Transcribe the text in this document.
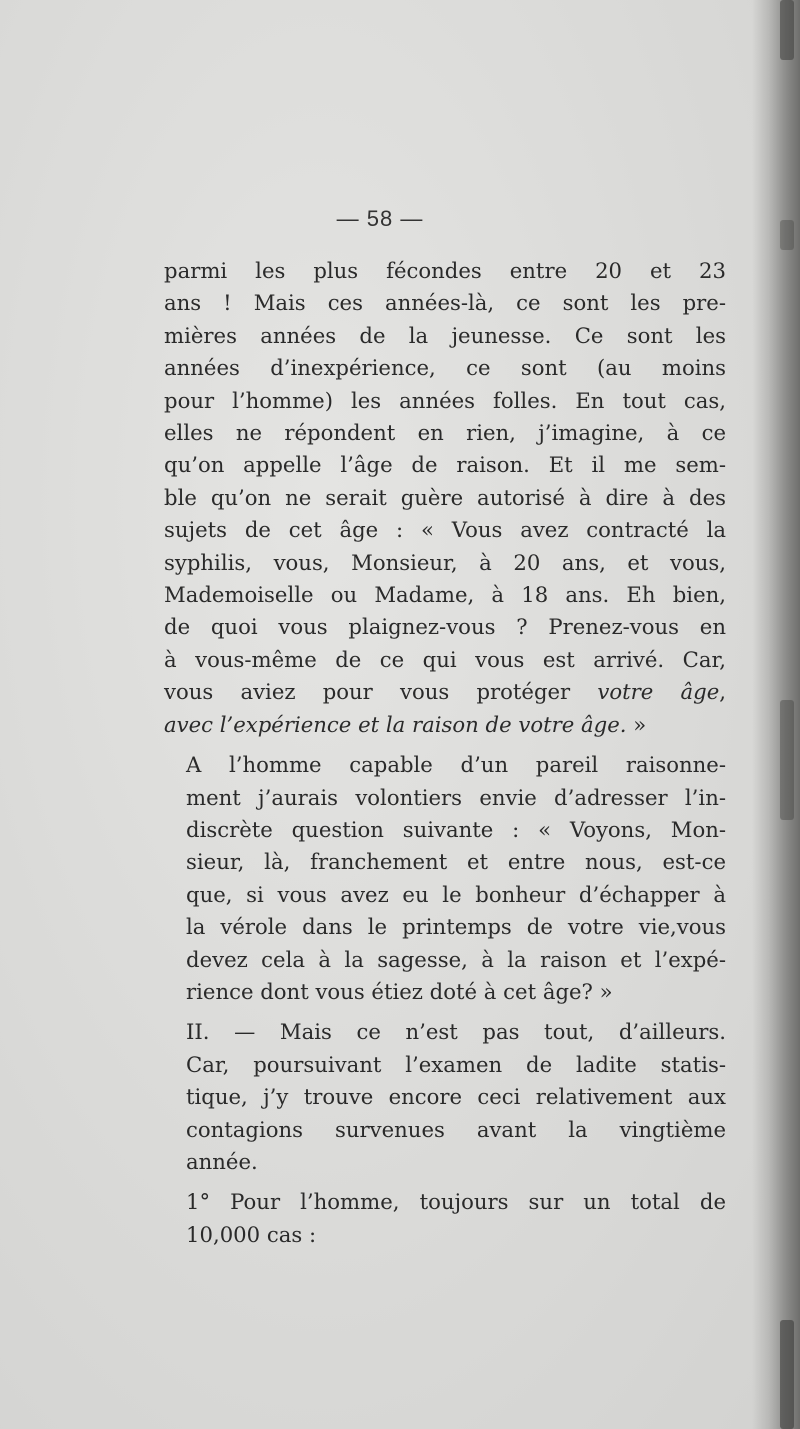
— 58 —
parmi les plus fécondes entre 20 et 23
ans ! Mais ces années-là, ce sont les pre-
mières années de la jeunesse. Ce sont les
années d’inexpérience, ce sont (au moins
pour l’homme) les années folles. En tout cas,
elles ne répondent en rien, j’imagine, à ce
qu’on appelle l’âge de raison. Et il me sem-
ble qu’on ne serait guère autorisé à dire à des
sujets de cet âge : « Vous avez contracté la
syphilis, vous, Monsieur, à 20 ans, et vous,
Mademoiselle ou Madame, à 18 ans. Eh bien,
de quoi vous plaignez-vous ? Prenez-vous en
à vous-même de ce qui vous est arrivé. Car,
vous aviez pour vous protéger votre âge,
avec l’expérience et la raison de votre âge. »
A l’homme capable d’un pareil raisonne-
ment j’aurais volontiers envie d’adresser l’in-
discrète question suivante : « Voyons, Mon-
sieur, là, franchement et entre nous, est-ce
que, si vous avez eu le bonheur d’échapper à
la vérole dans le printemps de votre vie,vous
devez cela à la sagesse, à la raison et l’expé-
rience dont vous étiez doté à cet âge? »
II. — Mais ce n’est pas tout, d’ailleurs.
Car, poursuivant l’examen de ladite statis-
tique, j’y trouve encore ceci relativement aux
contagions survenues avant la vingtième
année.
1° Pour l’homme, toujours sur un total de
10,000 cas :
